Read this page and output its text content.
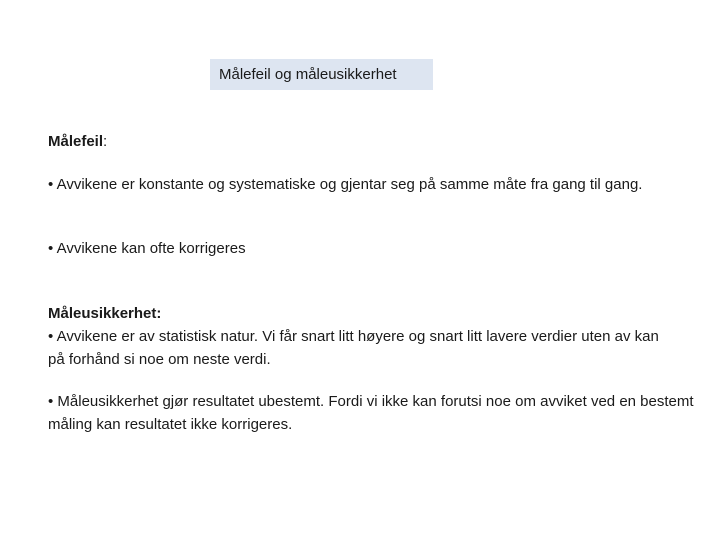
Målefeil og måleusikkerhet
Målefeil:
• Avvikene er konstante og systematiske og gjentar seg på samme måte fra gang til gang.
• Avvikene kan ofte korrigeres
Måleusikkerhet:
• Avvikene er av statistisk natur. Vi får snart litt høyere og snart litt lavere verdier uten av kan på forhånd si noe om neste verdi.
• Måleusikkerhet gjør resultatet ubestemt. Fordi vi ikke kan forutsi noe om avviket ved en bestemt måling kan resultatet ikke korrigeres.
